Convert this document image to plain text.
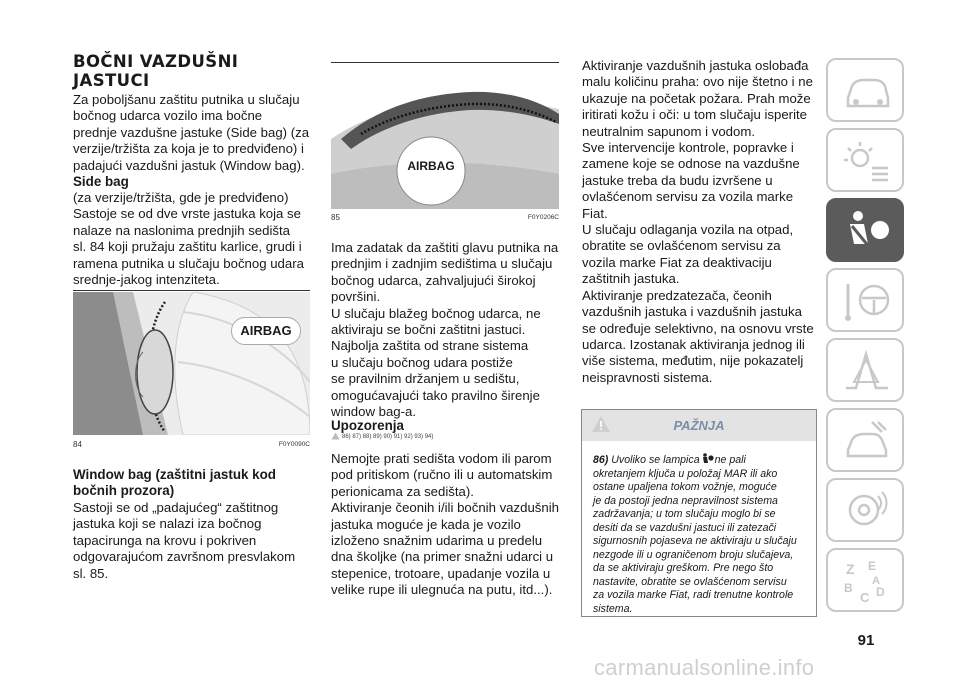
BOČNI VAZDUŠNI
JASTUCI
Za poboljšanu zaštitu putnika u slučaju
bočnog udarca vozilo ima bočne
prednje vazdušne jastuke (Side bag) (za
verzije/tržišta za koja je to predviđeno) i
padajući vazdušni jastuk (Window bag).
Side bag
(za verzije/tržišta, gde je predviđeno)
Sastoje se od dve vrste jastuka koja se
nalaze na naslonima prednjih sedišta
sl. 84 koji pružaju zaštitu karlice, grudi i
ramena putnika u slučaju bočnog udara
srednje-jakog intenziteta.
AIRBAG
84	F0Y0090C
Window bag (zaštitni jastuk kod
bočnih prozora)
Sastoji se od „padajućeg“ zaštitnog
jastuka koji se nalazi iza bočnog
tapacirunga na krovu i pokriven
odgovarajućom završnom presvlakom
sl. 85.
AIRBAG
85	F0Y0206C
Ima zadatak da zaštiti glavu putnika na
prednjim i zadnjim sedištima u slučaju
bočnog udarca, zahvaljujući širokoj
površini.
U slučaju blažeg bočnog udarca, ne
aktiviraju se bočni zaštitni jastuci.
Najbolja zaštita od strane sistema
u slučaju bočnog udara postiže
se pravilnim držanjem u sedištu,
omogućavajući tako pravilno širenje
window bag-a.
Upozorenja
86) 87) 88) 89) 90) 91) 92) 93) 94)
Nemojte prati sedišta vodom ili parom
pod pritiskom (ručno ili u automatskim
perionicama za sedišta).
Aktiviranje čeonih i/ili bočnih vazdušnih
jastuka moguće je kada je vozilo
izloženo snažnim udarima u predelu
dna školjke (na primer snažni udarci u
stepenice, trotoare, upadanje vozila u
velike rupe ili ulegnuća na putu, itd...).
Aktiviranje vazdušnih jastuka oslobađa
malu količinu praha: ovo nije štetno i ne
ukazuje na početak požara. Prah može
iritirati kožu i oči: u tom slučaju isperite
neutralnim sapunom i vodom.
Sve intervencije kontrole, popravke i
zamene koje se odnose na vazdušne
jastuke treba da budu izvršene u
ovlašćenom servisu za vozila marke
Fiat.
U slučaju odlaganja vozila na otpad,
obratite se ovlašćenom servisu za
vozila marke Fiat za deaktivaciju
zaštitnih jastuka.
Aktiviranje predzatezača, čeonih
vazdušnih jastuka i vazdušnih jastuka
se određuje selektivno, na osnovu vrste
udarca. Izostanak aktiviranja jednog ili
više sistema, međutim, nije pokazatelj
neispravnosti sistema.
PAŽNJA
86) Uvoliko se lampica ne pali
okretanjem ključa u položaj MAR ili ako
ostane upaljena tokom vožnje, moguće
je da postoji jedna nepravilnost sistema
zadržavanja; u tom slučaju moglo bi se
desiti da se vazdušni jastuci ili zatezači
sigurnosnih pojaseva ne aktiviraju u slučaju
nezgode ili u ograničenom broju slučajeva,
da se aktiviraju greškom. Pre nego što
nastavite, obratite se ovlašćenom servisu
za vozila marke Fiat, radi trenutne kontrole
sistema.
Z E
B
C D
A
91
carmanualsonline.info
